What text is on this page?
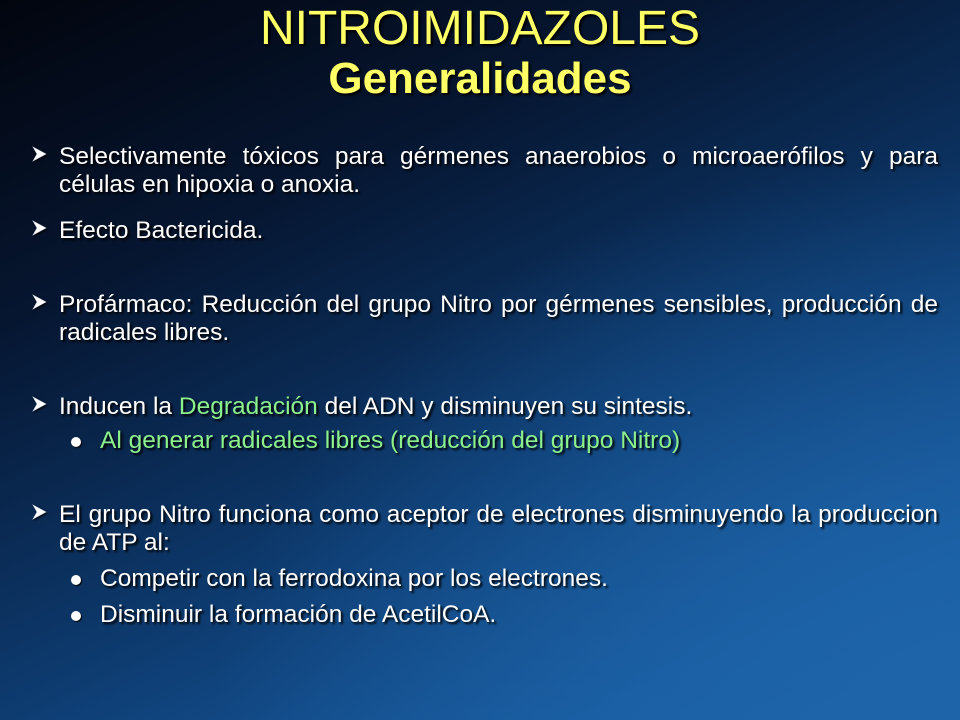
NITROIMIDAZOLES
Generalidades
Selectivamente tóxicos para gérmenes anaerobios o microaerófilos y para células en hipoxia o anoxia.
Efecto Bactericida.
Profármaco: Reducción del grupo Nitro por gérmenes sensibles, producción de radicales libres.
Inducen la Degradación del ADN y disminuyen su sintesis.
Al generar radicales libres (reducción del grupo Nitro)
El grupo Nitro funciona como aceptor de electrones disminuyendo la produccion de ATP al:
Competir con la ferrodoxina por los electrones.
Disminuir la formación de AcetilCoA.
